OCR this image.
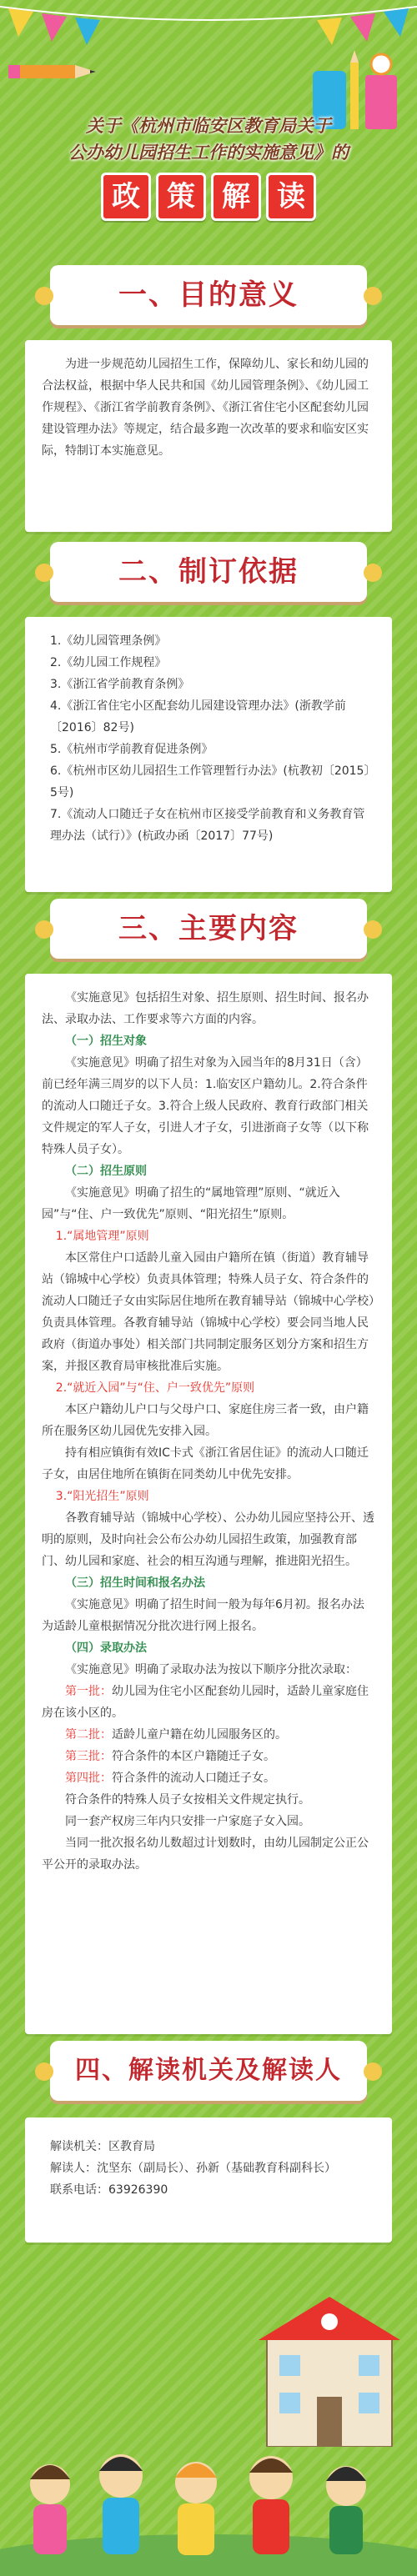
关于《杭州市临安区教育局关于
公办幼儿园招生工作的实施意见》的
政 策 解 读
一、目的意义

为进一步规范幼儿园招生工作，保障幼儿、家长和幼儿园的合法权益，根据中华人民共和国《幼儿园管理条例》、《幼儿园工作规程》、《浙江省学前教育条例》、《浙江省住宅小区配套幼儿园建设管理办法》等规定，结合最多跑一次改革的要求和临安区实际，特制订本实施意见。

二、制订依据

1.《幼儿园管理条例》

2.《幼儿园工作规程》

3.《浙江省学前教育条例》

4.《浙江省住宅小区配套幼儿园建设管理办法》(浙教学前〔2016〕82号)

5.《杭州市学前教育促进条例》

6.《杭州市区幼儿园招生工作管理暂行办法》(杭教初〔2015〕5号)

7.《流动人口随迁子女在杭州市区接受学前教育和义务教育管理办法（试行）》(杭政办函〔2017〕77号)

三、主要内容

《实施意见》包括招生对象、招生原则、招生时间、报名办法、录取办法、工作要求等六方面的内容。

（一）招生对象

《实施意见》明确了招生对象为入园当年的8月31日（含）前已经年满三周岁的以下人员：1.临安区户籍幼儿。2.符合条件的流动人口随迁子女。3.符合上级人民政府、教育行政部门相关文件规定的军人子女，引进人才子女，引进浙商子女等（以下称特殊人员子女）。

（二）招生原则

《实施意见》明确了招生的“属地管理”原则、“就近入园”与“住、户一致优先”原则、“阳光招生”原则。

1.“属地管理”原则

本区常住户口适龄儿童入园由户籍所在镇（街道）教育辅导站（锦城中心学校）负责具体管理；特殊人员子女、符合条件的流动人口随迁子女由实际居住地所在教育辅导站（锦城中心学校）负责具体管理。各教育辅导站（锦城中心学校）要会同当地人民政府（街道办事处）相关部门共同制定服务区划分方案和招生方案，并报区教育局审核批准后实施。

2.“就近入园”与“住、户一致优先”原则

本区户籍幼儿户口与父母户口、家庭住房三者一致，由户籍所在服务区幼儿园优先安排入园。

持有相应镇街有效IC卡式《浙江省居住证》的流动人口随迁子女，由居住地所在镇街在同类幼儿中优先安排。

3.“阳光招生”原则

各教育辅导站（锦城中心学校）、公办幼儿园应坚持公开、透明的原则，及时向社会公布公办幼儿园招生政策，加强教育部门、幼儿园和家庭、社会的相互沟通与理解，推进阳光招生。

（三）招生时间和报名办法

《实施意见》明确了招生时间一般为每年6月初。报名办法为适龄儿童根据情况分批次进行网上报名。

（四）录取办法

《实施意见》明确了录取办法为按以下顺序分批次录取：

第一批：幼儿园为住宅小区配套幼儿园时，适龄儿童家庭住房在该小区的。

第二批：适龄儿童户籍在幼儿园服务区的。

第三批：符合条件的本区户籍随迁子女。

第四批：符合条件的流动人口随迁子女。

符合条件的特殊人员子女按相关文件规定执行。

同一套产权房三年内只安排一户家庭子女入园。

当同一批次报名幼儿数超过计划数时，由幼儿园制定公正公平公开的录取办法。

四、解读机关及解读人

解读机关：区教育局

解读人：沈坚东（副局长）、孙新（基础教育科副科长）

联系电话：63926390
